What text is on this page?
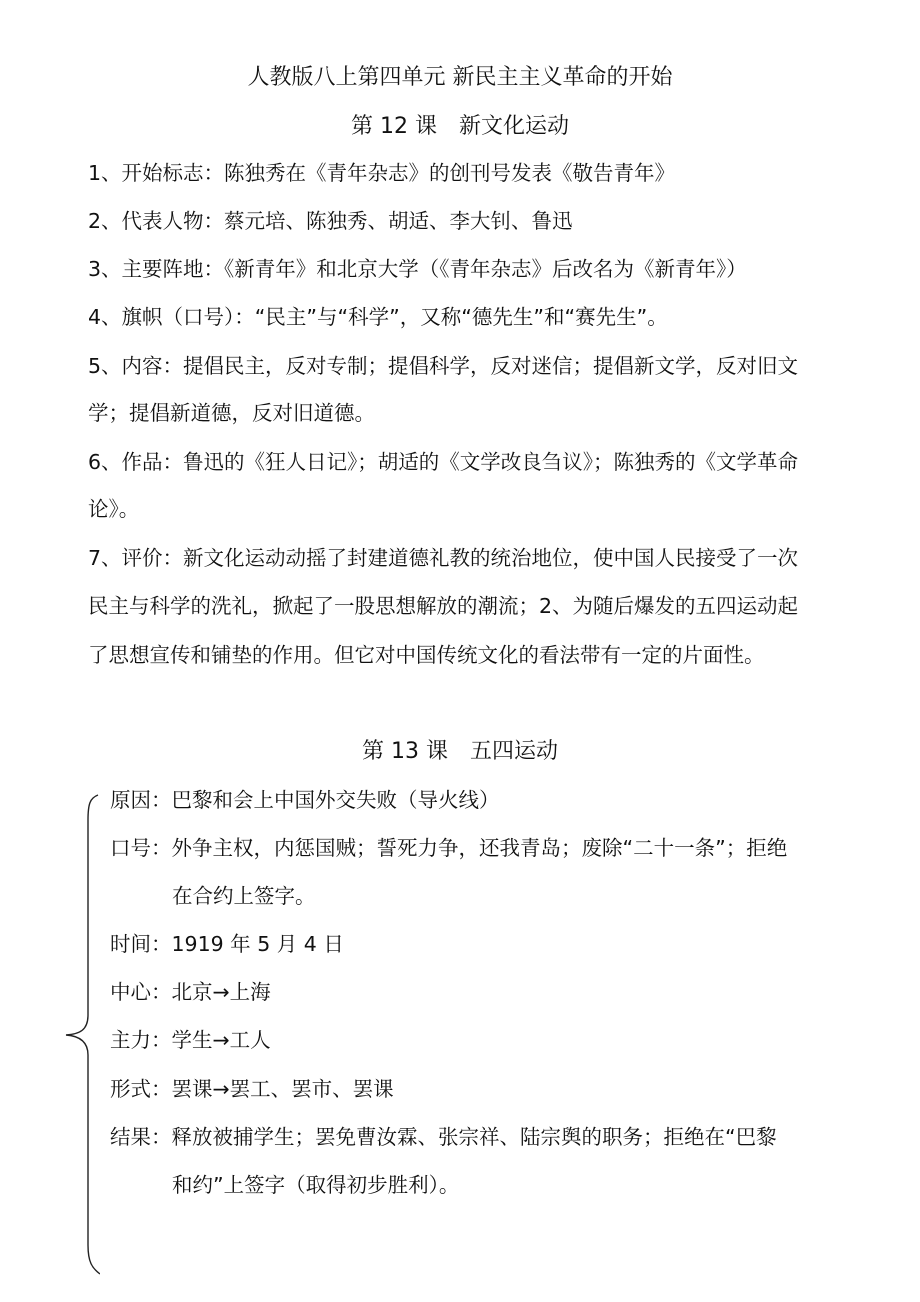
人教版八上第四单元 新民主主义革命的开始
第 12 课　新文化运动
1、开始标志：陈独秀在《青年杂志》的创刊号发表《敬告青年》
2、代表人物：蔡元培、陈独秀、胡适、李大钊、鲁迅
3、主要阵地：《新青年》和北京大学（《青年杂志》后改名为《新青年》）
4、旗帜（口号）：“民主”与“科学”，又称“德先生”和“赛先生”。
5、内容：提倡民主，反对专制；提倡科学，反对迷信；提倡新文学，反对旧文
学；提倡新道德，反对旧道德。
6、作品：鲁迅的《狂人日记》；胡适的《文学改良刍议》；陈独秀的《文学革命
论》。
7、评价：新文化运动动摇了封建道德礼教的统治地位，使中国人民接受了一次
民主与科学的洗礼，掀起了一股思想解放的潮流；2、为随后爆发的五四运动起
了思想宣传和铺垫的作用。但它对中国传统文化的看法带有一定的片面性。
第 13 课　五四运动
原因：巴黎和会上中国外交失败（导火线）
口号：外争主权，内惩国贼；誓死力争，还我青岛；废除“二十一条”；拒绝
在合约上签字。
时间：1919 年 5 月 4 日
中心：北京→上海
主力：学生→工人
形式：罢课→罢工、罢市、罢课
结果：释放被捕学生；罢免曹汝霖、张宗祥、陆宗舆的职务；拒绝在“巴黎
和约”上签字（取得初步胜利）。
